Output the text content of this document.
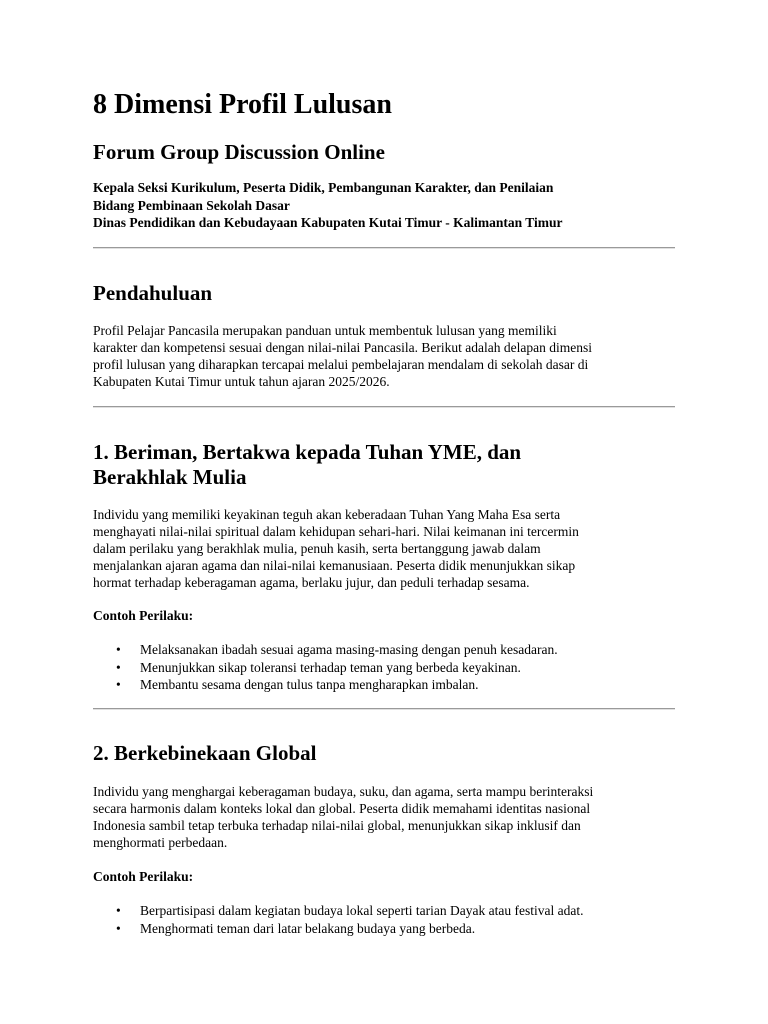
8 Dimensi Profil Lulusan
Forum Group Discussion Online
Kepala Seksi Kurikulum, Peserta Didik, Pembangunan Karakter, dan Penilaian
Bidang Pembinaan Sekolah Dasar
Dinas Pendidikan dan Kebudayaan Kabupaten Kutai Timur - Kalimantan Timur
Pendahuluan
Profil Pelajar Pancasila merupakan panduan untuk membentuk lulusan yang memiliki
karakter dan kompetensi sesuai dengan nilai-nilai Pancasila. Berikut adalah delapan dimensi
profil lulusan yang diharapkan tercapai melalui pembelajaran mendalam di sekolah dasar di
Kabupaten Kutai Timur untuk tahun ajaran 2025/2026.
1. Beriman, Bertakwa kepada Tuhan YME, dan
Berakhlak Mulia
Individu yang memiliki keyakinan teguh akan keberadaan Tuhan Yang Maha Esa serta
menghayati nilai-nilai spiritual dalam kehidupan sehari-hari. Nilai keimanan ini tercermin
dalam perilaku yang berakhlak mulia, penuh kasih, serta bertanggung jawab dalam
menjalankan ajaran agama dan nilai-nilai kemanusiaan. Peserta didik menunjukkan sikap
hormat terhadap keberagaman agama, berlaku jujur, dan peduli terhadap sesama.
Contoh Perilaku:
• Melaksanakan ibadah sesuai agama masing-masing dengan penuh kesadaran.
• Menunjukkan sikap toleransi terhadap teman yang berbeda keyakinan.
• Membantu sesama dengan tulus tanpa mengharapkan imbalan.
2. Berkebinekaan Global
Individu yang menghargai keberagaman budaya, suku, dan agama, serta mampu berinteraksi
secara harmonis dalam konteks lokal dan global. Peserta didik memahami identitas nasional
Indonesia sambil tetap terbuka terhadap nilai-nilai global, menunjukkan sikap inklusif dan
menghormati perbedaan.
Contoh Perilaku:
• Berpartisipasi dalam kegiatan budaya lokal seperti tarian Dayak atau festival adat.
• Menghormati teman dari latar belakang budaya yang berbeda.
